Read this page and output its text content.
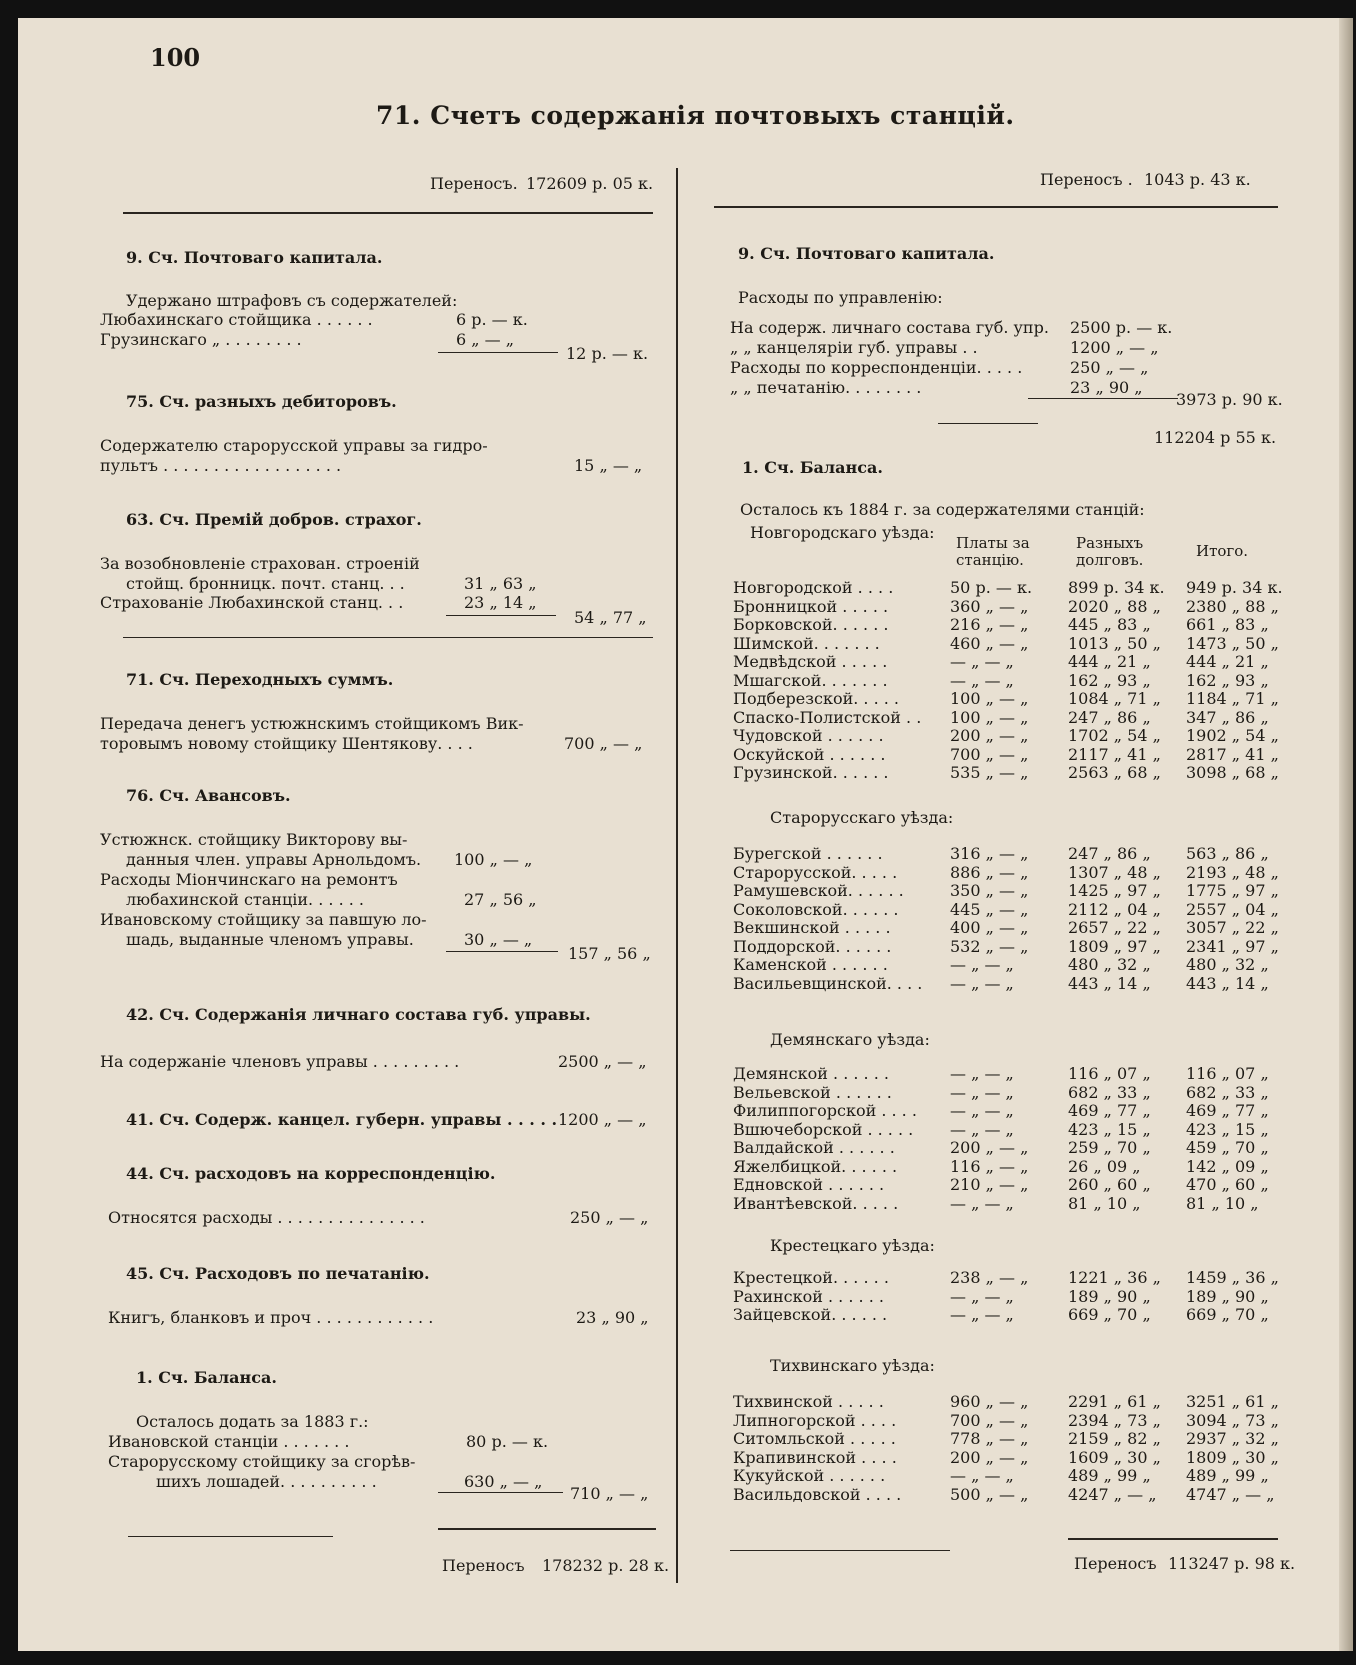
100
71. Счетъ содержанія почтовыхъ станцій.
Переносъ. 172609 р. 05 к.
9. Сч. Почтоваго капитала.
Удержано штрафовъ съ содержателей:
Любахинскаго стойщика . . . . . .	6 р. — к.
Грузинскаго „ . . . . . . . .	6 „ — „
12 р. — к.
75. Сч. разныхъ дебиторовъ.
Содержателю старорусской управы за гидро-
пультъ . . . . . . . . . . . . . . . . . .	15 „ — „
63. Сч. Премій добров. страхог.
За возобновленіе страхован. строеній
стойщ. бронницк. почт. станц. . .	31 „ 63 „
Страхованіе Любахинской станц. . .	23 „ 14 „
54 „ 77 „
71. Сч. Переходныхъ суммъ.
Передача денегъ устюжнскимъ стойщикомъ Вик-
торовымъ новому стойщику Шентякову. . . .	700 „ — „
76. Сч. Авансовъ.
Устюжнск. стойщику Викторову вы-
данныя член. управы Арнольдомъ. 100 „ — „
Расходы Міончинскаго на ремонтъ
любахинской станціи. . . . . .	27 „ 56 „
Ивановскому стойщику за павшую ло-
шадь, выданные членомъ управы.	30 „ — „
157 „ 56 „
42. Сч. Содержанія личнаго состава губ. управы.
На содержаніе членовъ управы . . . . . . . . .	2500 „ — „
41. Сч. Содерж. канцел. губерн. управы . . . . . 1200 „ — „
44. Сч. расходовъ на корреспонденцію.
Относятся расходы . . . . . . . . . . . . . . .	250 „ — „
45. Сч. Расходовъ по печатанію.
Книгъ, бланковъ и проч . . . . . . . . . . . .	23 „ 90 „
1. Сч. Баланса.
Осталось додать за 1883 г.:
Ивановской станціи . . . . . . .	80 р. — к.
Старорусскому стойщику за сгорѣв-
шихъ лошадей. . . . . . . . . .	630 „ — „
710 „ — „
Переносъ 178232 р. 28 к.
Переносъ . 1043 р. 43 к.
9. Сч. Почтоваго капитала.
Расходы по управленію:
На содерж. личнаго состава губ. упр. 2500 р. — к.
„ „ канцеляріи губ. управы . .	1200 „ — „
Расходы по корреспонденціи. . . . .	250 „ — „
„ „ печатанію. . . . . . . .	23 „ 90 „
3973 р. 90 к.
112204 р 55 к.
1. Сч. Баланса.
Осталось къ 1884 г. за содержателями станцій:
Платы за
станцію.
Разныхъ
долговъ.	Итого.
Новгородскаго уѣзда:
Новгородской . . . .	50 р. — к. 899 р. 34 к. 949 р. 34 к.
Бронницкой . . . . .	360 „ — „ 2020 „ 88 „ 2380 „ 88 „
Борковской. . . . . .	216 „ — „ 445 „ 83 „ 661 „ 83 „
Шимской. . . . . . .	460 „ — „ 1013 „ 50 „ 1473 „ 50 „
Медвѣдской . . . . .	— „ — „	444 „ 21 „ 444 „ 21 „
Мшагской. . . . . . .	— „ — „	162 „ 93 „ 162 „ 93 „
Подберезской. . . . .	100 „ — „ 1084 „ 71 „ 1184 „ 71 „
Спаско-Полистской . . 100 „ — „ 247 „ 86 „ 347 „ 86 „
Чудовской . . . . . .	200 „ — „ 1702 „ 54 „ 1902 „ 54 „
Оскуйской . . . . . .	700 „ — „ 2117 „ 41 „ 2817 „ 41 „
Грузинской. . . . . .	535 „ — „ 2563 „ 68 „ 3098 „ 68 „
Старорусскаго уѣзда:
Бурегской . . . . . .	316 „ — „ 247 „ 86 „ 563 „ 86 „
Старорусской. . . . .	886 „ — „ 1307 „ 48 „ 2193 „ 48 „
Рамушевской. . . . . .	350 „ — „ 1425 „ 97 „ 1775 „ 97 „
Соколовской. . . . . .	445 „ — „ 2112 „ 04 „ 2557 „ 04 „
Векшинской . . . . .	400 „ — „ 2657 „ 22 „ 3057 „ 22 „
Поддорской. . . . . .	532 „ — „ 1809 „ 97 „ 2341 „ 97 „
Каменской . . . . . .	— „ — „	480 „ 32 „ 480 „ 32 „
Васильевщинской. . . . — „ — „	443 „ 14 „ 443 „ 14 „
Демянскаго уѣзда:
Демянской . . . . . .	— „ — „	116 „ 07 „ 116 „ 07 „
Вельевской . . . . . .	— „ — „	682 „ 33 „ 682 „ 33 „
Филиппогорской . . . . — „ — „	469 „ 77 „ 469 „ 77 „
Вшючеборской . . . . . — „ — „	423 „ 15 „ 423 „ 15 „
Валдайской . . . . . .	200 „ — „ 259 „ 70 „ 459 „ 70 „
Яжелбицкой. . . . . .	116 „ — „ 26 „ 09 „	142 „ 09 „
Едновской . . . . . .	210 „ — „ 260 „ 60 „ 470 „ 60 „
Ивантѣевской. . . . .	— „ — „	81 „ 10 „	81 „ 10 „
Крестецкаго уѣзда:
Крестецкой. . . . . .	238 „ — „ 1221 „ 36 „ 1459 „ 36 „
Рахинской . . . . . .	— „ — „	189 „ 90 „ 189 „ 90 „
Зайцевской. . . . . .	— „ — „	669 „ 70 „ 669 „ 70 „
Тихвинскаго уѣзда:
Тихвинской . . . . .	960 „ — „ 2291 „ 61 „ 3251 „ 61 „
Липногорской . . . .	700 „ — „ 2394 „ 73 „ 3094 „ 73 „
Ситомльской . . . . .	778 „ — „ 2159 „ 82 „ 2937 „ 32 „
Крапивинской . . . .	200 „ — „ 1609 „ 30 „ 1809 „ 30 „
Кукуйской . . . . . .	— „ — „	489 „ 99 „ 489 „ 99 „
Васильдовской . . . .	500 „ — „ 4247 „ — „ 4747 „ — „
Переносъ 113247 р. 98 к.
